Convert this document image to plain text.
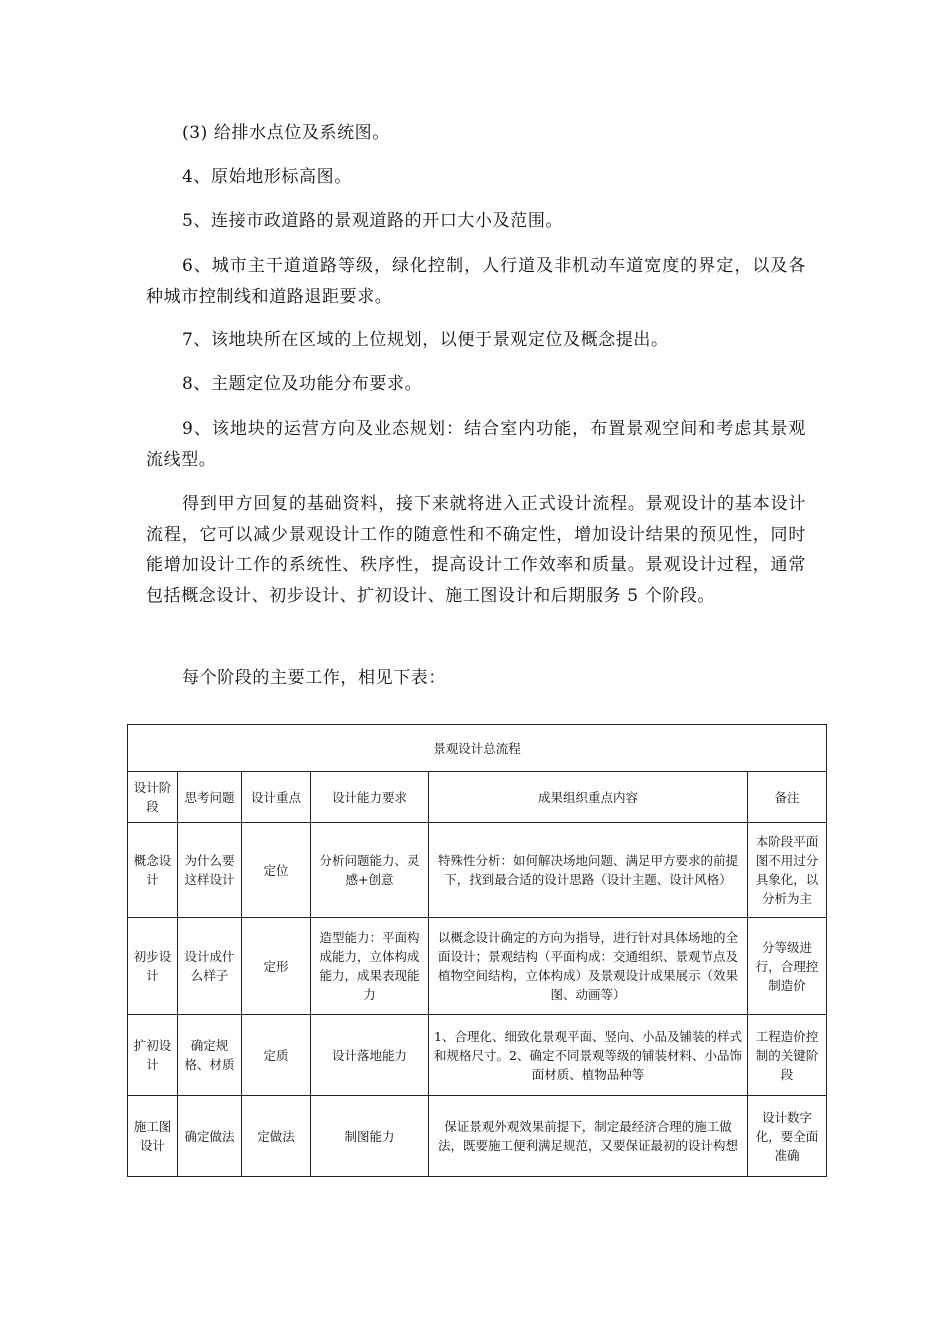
(3) 给排水点位及系统图。

4、原始地形标高图。

5、连接市政道路的景观道路的开口大小及范围。

6、城市主干道道路等级，绿化控制，人行道及非机动车道宽度的界定，以及各种城市控制线和道路退距要求。

7、该地块所在区域的上位规划，以便于景观定位及概念提出。

8、主题定位及功能分布要求。

9、该地块的运营方向及业态规划：结合室内功能，布置景观空间和考虑其景观流线型。

得到甲方回复的基础资料，接下来就将进入正式设计流程。景观设计的基本设计流程，它可以减少景观设计工作的随意性和不确定性，增加设计结果的预见性，同时能增加设计工作的系统性、秩序性，提高设计工作效率和质量。景观设计过程，通常包括概念设计、初步设计、扩初设计、施工图设计和后期服务 5 个阶段。

每个阶段的主要工作，相见下表：

景观设计总流程					
设计阶段	思考问题	设计重点	设计能力要求	成果组织重点内容	备注
概念设计	为什么要这样设计	定位	分析问题能力、灵感+创意	特殊性分析：如何解决场地问题、满足甲方要求的前提下，找到最合适的设计思路（设计主题、设计风格）	本阶段平面图不用过分具象化，以分析为主
初步设计	设计成什么样子	定形	造型能力：平面构成能力，立体构成能力，成果表现能力	以概念设计确定的方向为指导，进行针对具体场地的全面设计；景观结构（平面构成：交通组织、景观节点及植物空间结构，立体构成）及景观设计成果展示（效果图、动画等）	分等级进行，合理控制造价
扩初设计	确定规格、材质	定质	设计落地能力	1、合理化、细致化景观平面、竖向、小品及铺装的样式和规格尺寸。2、确定不同景观等级的铺装材料、小品饰面材质、植物品种等	工程造价控制的关键阶段
施工图设计	确定做法	定做法	制图能力	保证景观外观效果前提下，制定最经济合理的施工做法，既要施工便利满足规范，又要保证最初的设计构想	设计数字化，要全面准确
